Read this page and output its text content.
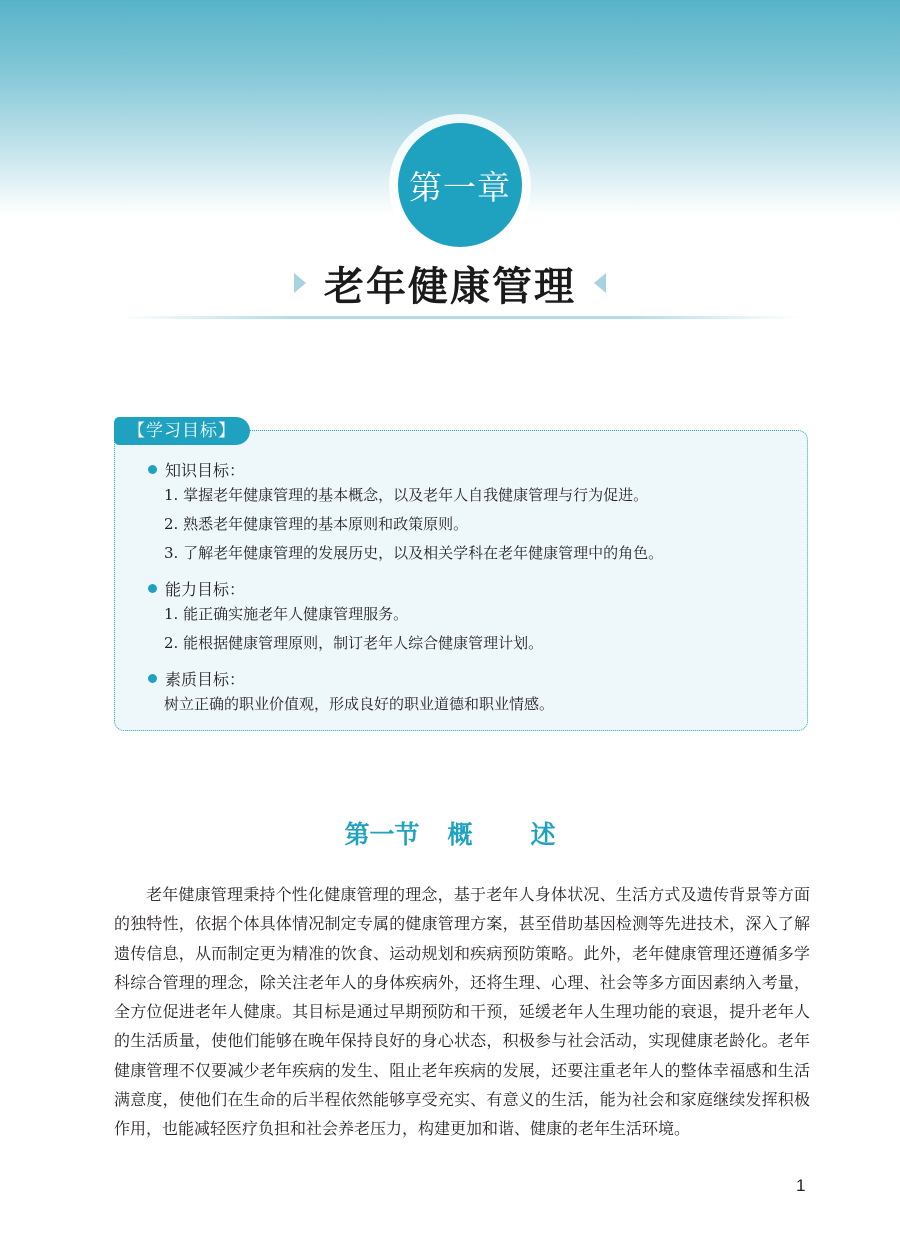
第一章
老年健康管理
【学习目标】
知识目标：
1. 掌握老年健康管理的基本概念，以及老年人自我健康管理与行为促进。
2. 熟悉老年健康管理的基本原则和政策原则。
3. 了解老年健康管理的发展历史，以及相关学科在老年健康管理中的角色。
能力目标：
1. 能正确实施老年人健康管理服务。
2. 能根据健康管理原则，制订老年人综合健康管理计划。
素质目标：
树立正确的职业价值观，形成良好的职业道德和职业情感。
第一节 概 述

老年健康管理秉持个性化健康管理的理念，基于老年人身体状况、生活方式及遗传背景等方面的独特性，依据个体具体情况制定专属的健康管理方案，甚至借助基因检测等先进技术，深入了解遗传信息，从而制定更为精准的饮食、运动规划和疾病预防策略。此外，老年健康管理还遵循多学科综合管理的理念，除关注老年人的身体疾病外，还将生理、心理、社会等多方面因素纳入考量，全方位促进老年人健康。其目标是通过早期预防和干预，延缓老年人生理功能的衰退，提升老年人的生活质量，使他们能够在晚年保持良好的身心状态，积极参与社会活动，实现健康老龄化。老年健康管理不仅要减少老年疾病的发生、阻止老年疾病的发展，还要注重老年人的整体幸福感和生活满意度，使他们在生命的后半程依然能够享受充实、有意义的生活，能为社会和家庭继续发挥积极作用，也能减轻医疗负担和社会养老压力，构建更加和谐、健康的老年生活环境。

1
